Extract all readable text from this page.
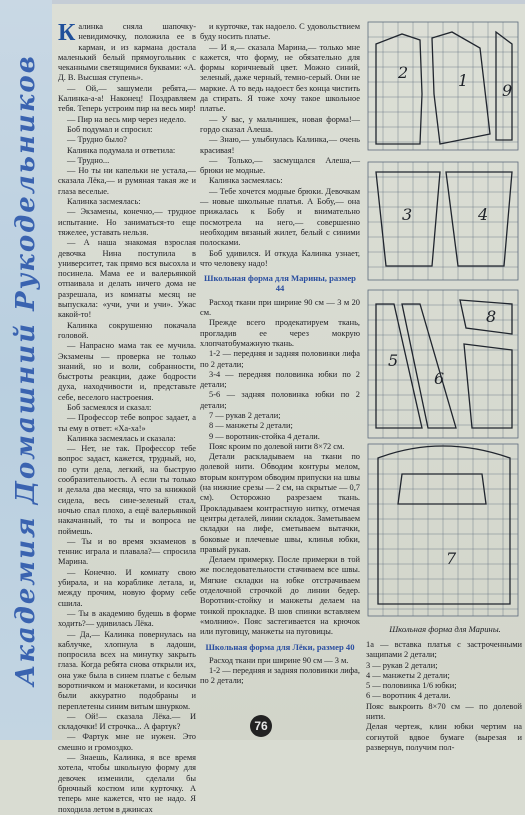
Академия Домашний Рукодельников

Калинка сняла шапочку-невидимочку, положила ее в карман, и из кармана достала маленький белый прямоугольник с чеканными светящимися буквами: «А. Д. В. Высшая ступень».

— Ой,— зашумели ребята,— Калинка-а-а! Наконец! Поздравляем тебя. Теперь устроим пир на весь мир!

— Пир на весь мир через недело.

Боб подумал и спросил:

— Трудно было?

Калинка подумала и ответила:

— Трудно...

— Но ты ни капельки не устала,— сказала Лёка,— и румяная такая же и глаза веселые.

Калинка засмеялась:

— Экзамены, конечно,— трудное испытание. Но заниматься-то еще тяжелее, уставать нельзя.

— А наша знакомая взрослая девочка Нина поступила в университет, так прямо вся высохла и посинела. Мама ее и валерьянкой отпаивала и делать ничего дома не разрешала, из комнаты месяц не выпускала: «учи, учи и учи». Ужас какой-то!

Калинка сокрушенно покачала головой.

— Напрасно мама так ее мучила. Экзамены — проверка не только знаний, но и воли, собранности, быстроты реакции, даже бодрости духа, находчивости и, представьте себе, веселого настроения.

Боб засмеялся и сказал:

— Профессор тебе вопрос задает, а ты ему в ответ: «Ха-ха!»

Калинка засмеялась и сказала:

— Нет, не так. Профессор тебе вопрос задаст, кажется, трудный, но, по сути дела, легкий, на быструю сообразительность. А если ты только и делала два месяца, что за книжкой сидела, весь сине-зеленый стал, ночью спал плохо, а ещё валерьянкой накачанный, то ты и вопроса не поймешь.

— Ты и во время экзаменов в теннис играла и плавала?— спросила Марина.

— Конечно. И комнату свою убирала, и на кораблике летала, и, между прочим, новую форму себе сшила.

— Ты в академию будешь в форме ходить?— удивилась Лёка.

— Да,— Калинка повернулась на каблучке, хлопнула в ладоши, попросила всех на минутку закрыть глаза. Когда ребята снова открыли их, она уже была в синем платье с белым воротничком и манжетами, и косички были аккуратно подобраны и переплетены синим витым шнурком.

— Ой!— сказала Лёка.— И складочки! И строчка... А фартук?

— Фартук мне не нужен. Это смешно и громоздко.

— Знаешь, Калинка, я все время хотела, чтобы школьную форму для девочек изменили, сделали бы брючный костюм или курточку. А теперь мне кажется, что не надо. Я походила летом в джинсах

и курточке, так надоело. С удовольствием буду носить платье.

— И я,— сказала Марина,— только мне кажется, что форму, не обязательно для формы коричневый цвет. Можно синий, зеленый, даже черный, темно-серый. Они не маркие. А то ведь надоест без конца чистить да стирать. Я тоже хочу такое школьное платье.

— У вас, у мальчишек, новая форма!— гордо сказал Алеша.

— Знаю,— улыбнулась Калинка,— очень красивая!

— Только,— засмущался Алеша,— брюки не модные.

Калинка засмеялась:

— Тебе хочется модные брюки. Девочкам — новые школьные платья. А Бобу,— она прижалась к Бобу и внимательно посмотрела на него,— совершенно необходим вязаный жилет, белый с синими полосками.

Боб удивился. И откуда Калинка узнает, что человеку надо!

Школьная форма для Марины, размер 44

Расход ткани при ширине 90 см — 3 м 20 см.

Прежде всего продекатируем ткань, прогладив ее через мокрую хлопчатобумажную ткань.

1-2 — передняя и задняя половинки лифа по 2 детали;

3-4 — передняя половинка юбки по 2 детали;

5-6 — задняя половинка юбки по 2 детали;

7 — рукав 2 детали;

8 — манжеты 2 детали;

9 — воротник-стойка 4 детали.

Пояс кроим по долевой нити 8×72 см.

Детали раскладываем на ткани по долевой нити. Обводим контуры мелом, вторым контуром обводим припуски на швы (на нижние срезы — 2 см, на скрытые — 0,7 см). Осторожно разрезаем ткань. Прокладываем контрастную нитку, отмечая центры деталей, линии складок. Заметываем складки на лифе, сметываем вытачки, боковые и плечевые швы, клинья юбки, правый рукав.

Делаем примерку. После примерки в той же последовательности стачиваем все швы. Мягкие складки на юбке отстрачиваем отделочной строчкой до линии бедер. Воротник-стойку и манжеты делаем на тонкой прокладке. В шов спинки вставляем «молнию». Пояс застегивается на крючок или пуговицу, манжеты на пуговицы.

Школьная форма для Лёки, размер 40

Расход ткани при ширине 90 см — 3 м.

1-2 — передняя и задняя половинки лифа, по 2 детали;

1
2
3	4
5
6
7
8
9
Школьная форма для Марины.

1а — вставка платья с застроченными защипами 2 детали;

3 — рукав 2 детали;

4 — манжеты 2 детали;

5 — половинка 1/6 юбки;

6 — воротник 4 детали.

Пояс выкроить 8×70 см — по долевой нити.

Делая чертеж, клин юбки чертим на согнутой вдвое бумаге (вырезая и развернув, получим пол-

76
